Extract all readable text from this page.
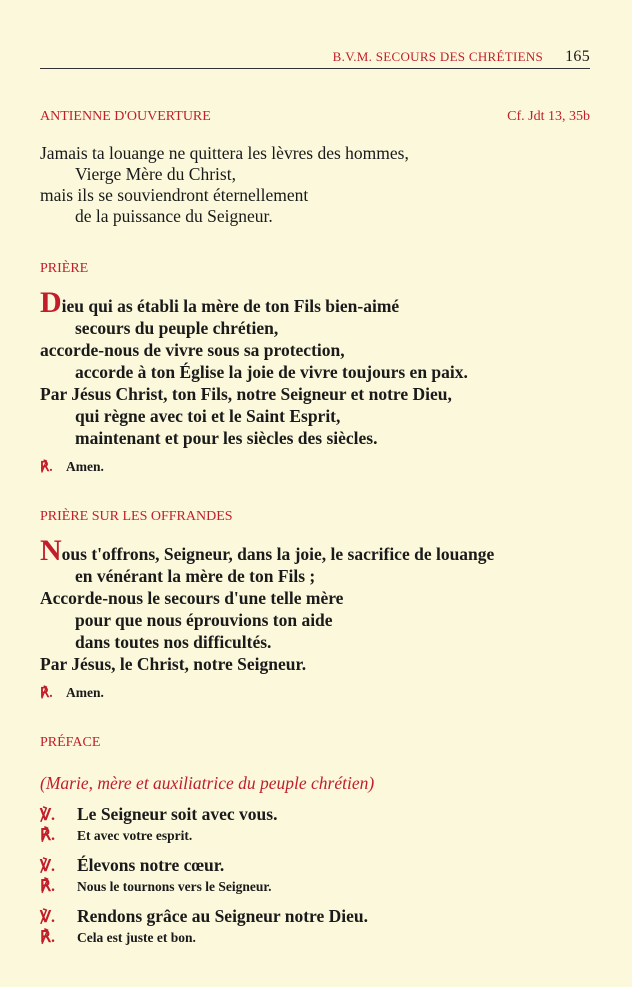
B.V.M. SECOURS DES CHRÉTIENS 165
ANTIENNE D'OUVERTURE	Cf. Jdt 13, 35b
Jamais ta louange ne quittera les lèvres des hommes,
Vierge Mère du Christ,
mais ils se souviendront éternellement
de la puissance du Seigneur.
PRIÈRE
Dieu qui as établi la mère de ton Fils bien-aimé
secours du peuple chrétien,
accorde-nous de vivre sous sa protection,
accorde à ton Église la joie de vivre toujours en paix.
Par Jésus Christ, ton Fils, notre Seigneur et notre Dieu,
qui règne avec toi et le Saint Esprit,
maintenant et pour les siècles des siècles.
℟. Amen.
PRIÈRE SUR LES OFFRANDES
Nous t'offrons, Seigneur, dans la joie, le sacrifice de louange
en vénérant la mère de ton Fils ;
Accorde-nous le secours d'une telle mère
pour que nous éprouvions ton aide
dans toutes nos difficultés.
Par Jésus, le Christ, notre Seigneur.
℟. Amen.
PRÉFACE
(Marie, mère et auxiliatrice du peuple chrétien)
℣.	Le Seigneur soit avec vous.
℟.	Et avec votre esprit.
℣.	Élevons notre cœur.
℟.	Nous le tournons vers le Seigneur.
℣.	Rendons grâce au Seigneur notre Dieu.
℟.	Cela est juste et bon.
